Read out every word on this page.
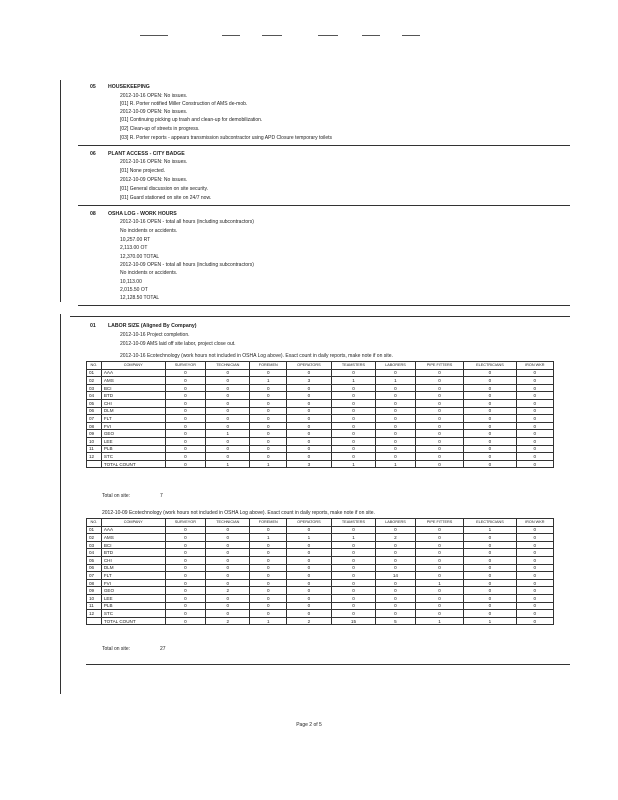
05 HOUSEKEEPING
2012-10-16 OPEN: No issues.
[01] R. Porter notified Miller Construction of AMS de-mob.
2012-10-09 OPEN: No issues.
[01] Continuing picking up trash and clean-up for demobilization.
[02] Clean-up of streets in progress.
[03] R. Porter reports - appears transmission subcontractor using APD Closure temporary toilets
06 PLANT ACCESS - CITY BADGE
2012-10-16 OPEN: No issues.
[01] None projected.
2012-10-09 OPEN: No issues.
[01] General discussion on site security.
[01] Guard stationed on site on 24/7 now.
08 OSHA LOG - WORK HOURS
2012-10-16 OPEN - total all hours (including subcontractors)
No incidents or accidents.
10,257.00 RT
2,113.00 OT
12,370.00 TOTAL
2012-10-09 OPEN - total all hours (including subcontractors)
No incidents or accidents.
10,113.00
2,015.50 OT
12,128.50 TOTAL
01 LABOR SIZE (Aligned By Company)
2012-10-16 Project completion.
2012-10-09 AMS laid off site labor, project close out.
2012-10-16 Ecotechnology (work hours not included in OSHA Log above). Exact count in daily reports, make note if on site.
NO.	COMPANY	SURVEYOR	TECHNICIAN	FOREMEN	OPERATORS	TEAMSTERS	LABORERS	PIPE FITTERS	ELECTRICIANS	IRON WKR
01	AAA	0	0	0	0	0	0	0	0	0
02	AMS	0	0	1	3	1	1	0	0	0
03	BCI	0	0	0	0	0	0	0	0	0
04	BTD	0	0	0	0	0	0	0	0	0
05	CHI	0	0	0	0	0	0	0	0	0
06	DLM	0	0	0	0	0	0	0	0	0
07	FLT	0	0	0	0	0	0	0	0	0
08	FVI	0	0	0	0	0	0	0	0	0
09	GEO	0	1	0	0	0	0	0	0	0
10	LEE	0	0	0	0	0	0	0	0	0
11	PLB	0	0	0	0	0	0	0	0	0
12	STC	0	0	0	0	0	0	0	0	0
	TOTAL COUNT	0	1	1	3	1	1	0	0	0
Total on site:	7
2012-10-09 Ecotechnology (work hours not included in OSHA Log above). Exact count in daily reports, make note if on site.
NO.	COMPANY	SURVEYOR	TECHNICIAN	FOREMEN	OPERATORS	TEAMSTERS	LABORERS	PIPE FITTERS	ELECTRICIANS	IRON WKR
01	AAA	0	0	0	0	0	0	0	1	0
02	AMS	0	0	1	1	1	2	0	0	0
03	BCI	0	0	0	0	0	0	0	0	0
04	BTD	0	0	0	0	0	0	0	0	0
05	CHI	0	0	0	0	0	0	0	0	0
06	DLM	0	0	0	0	0	0	0	0	0
07	FLT	0	0	0	0	0	14	0	0	0
08	FVI	0	0	0	0	0	0	1	0	0
09	GEO	0	2	0	0	0	0	0	0	0
10	LEE	0	0	0	0	0	0	0	0	0
11	PLB	0	0	0	0	0	0	0	0	0
12	STC	0	0	0	0	0	0	0	0	0
	TOTAL COUNT	0	2	1	2	15	5	1	1	0
Total on site:	27
Page 2 of 5
